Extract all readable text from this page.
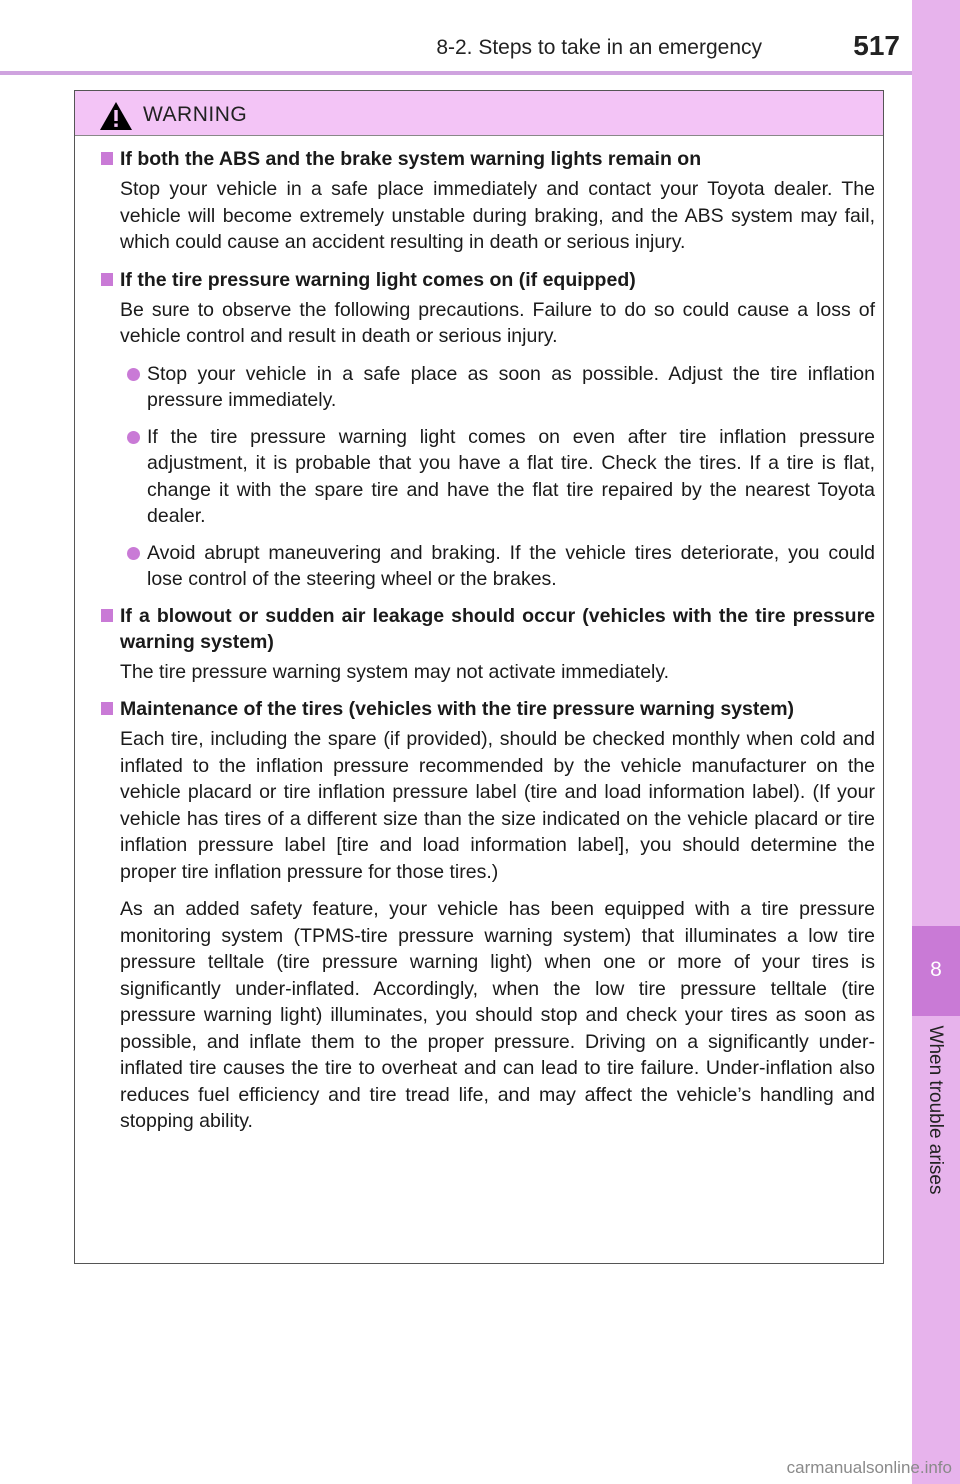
8-2. Steps to take in an emergency	517
8
When trouble arises
WARNING
If both the ABS and the brake system warning lights remain on

Stop your vehicle in a safe place immediately and contact your Toyota dealer. The vehicle will become extremely unstable during braking, and the ABS system may fail, which could cause an accident resulting in death or serious injury.

If the tire pressure warning light comes on (if equipped)

Be sure to observe the following precautions. Failure to do so could cause a loss of vehicle control and result in death or serious injury.

Stop your vehicle in a safe place as soon as possible. Adjust the tire inflation pressure immediately.
If the tire pressure warning light comes on even after tire inflation pressure adjustment, it is probable that you have a flat tire. Check the tires. If a tire is flat, change it with the spare tire and have the flat tire repaired by the nearest Toyota dealer.
Avoid abrupt maneuvering and braking. If the vehicle tires deteriorate, you could lose control of the steering wheel or the brakes.
If a blowout or sudden air leakage should occur (vehicles with the tire pressure warning system)

The tire pressure warning system may not activate immediately.

Maintenance of the tires (vehicles with the tire pressure warning system)

Each tire, including the spare (if provided), should be checked monthly when cold and inflated to the inflation pressure recommended by the vehicle manufacturer on the vehicle placard or tire inflation pressure label (tire and load information label). (If your vehicle has tires of a different size than the size indicated on the vehicle placard or tire inflation pressure label [tire and load information label], you should determine the proper tire inflation pressure for those tires.)

As an added safety feature, your vehicle has been equipped with a tire pressure monitoring system (TPMS-tire pressure warning system) that illuminates a low tire pressure telltale (tire pressure warning light) when one or more of your tires is significantly under-inflated. Accordingly, when the low tire pressure telltale (tire pressure warning light) illuminates, you should stop and check your tires as soon as possible, and inflate them to the proper pressure. Driving on a significantly under-inflated tire causes the tire to overheat and can lead to tire failure. Under-inflation also reduces fuel efficiency and tire tread life, and may affect the vehicle’s handling and stopping ability.

carmanualsonline.info
